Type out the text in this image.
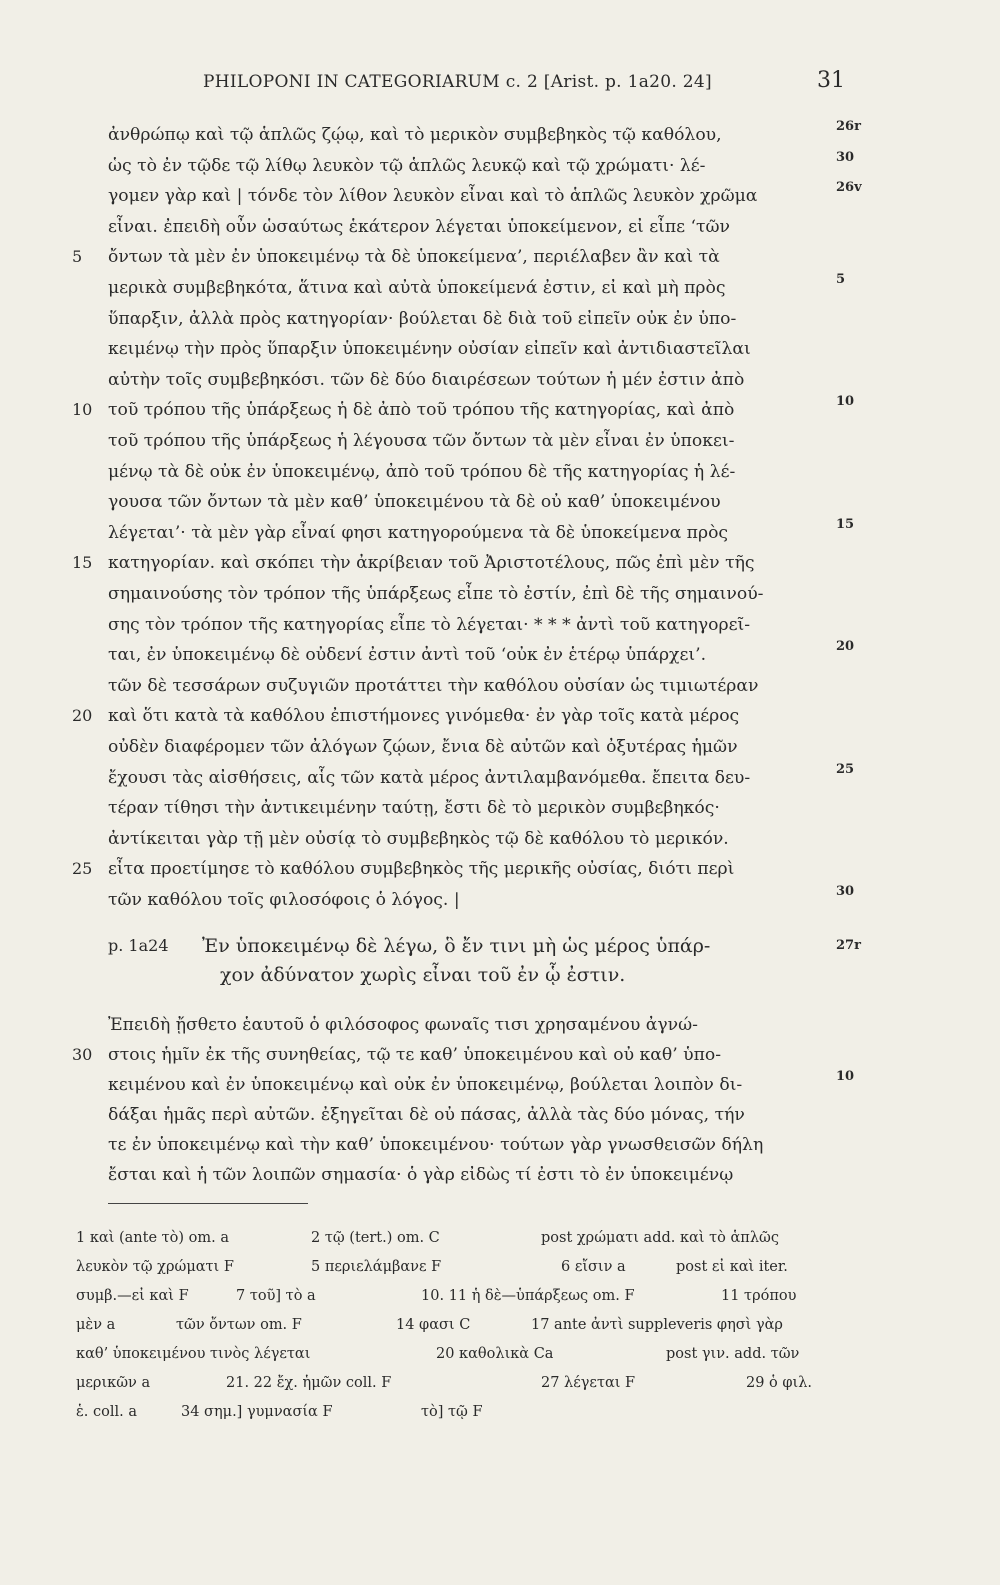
PHILOPONI IN CATEGORIARUM c. 2 [Arist. p. 1a20. 24]	31
ἀνθρώπῳ καὶ τῷ ἁπλῶς ζῴῳ, καὶ τὸ μερικὸν συμβεβηκὸς τῷ καθόλου,	26r
ὡς τὸ ἐν τῷδε τῷ λίθῳ λευκὸν τῷ ἁπλῶς λευκῷ καὶ τῷ χρώματι· λέ-	30
γομεν γὰρ καὶ | τόνδε τὸν λίθον λευκὸν εἶναι καὶ τὸ ἁπλῶς λευκὸν χρῶμα	26v
εἶναι. ἐπειδὴ οὖν ὡσαύτως ἑκάτερον λέγεται ὑποκείμενον, εἰ εἶπε ‘τῶν
ὄντων τὰ μὲν ἐν ὑποκειμένῳ τὰ δὲ ὑποκείμενα’, περιέλαβεν ἂν καὶ τὰ
5
μερικὰ συμβεβηκότα, ἅτινα καὶ αὐτὰ ὑποκείμενά ἐστιν, εἰ καὶ μὴ πρὸς	5
ὕπαρξιν, ἀλλὰ πρὸς κατηγορίαν· βούλεται δὲ διὰ τοῦ εἰπεῖν οὐκ ἐν ὑπο-
κειμένῳ τὴν πρὸς ὕπαρξιν ὑποκειμένην οὐσίαν εἰπεῖν καὶ ἀντιδιαστεῖλαι
αὐτὴν τοῖς συμβεβηκόσι. τῶν δὲ δύο διαιρέσεων τούτων ἡ μέν ἐστιν ἀπὸ
τοῦ τρόπου τῆς ὑπάρξεως ἡ δὲ ἀπὸ τοῦ τρόπου τῆς κατηγορίας, καὶ ἀπὸ
10	10
τοῦ τρόπου τῆς ὑπάρξεως ἡ λέγουσα τῶν ὄντων τὰ μὲν εἶναι ἐν ὑποκει-
μένῳ τὰ δὲ οὐκ ἐν ὑποκειμένῳ, ἀπὸ τοῦ τρόπου δὲ τῆς κατηγορίας ἡ λέ-
γουσα τῶν ὄντων τὰ μὲν καθ’ ὑποκειμένου τὰ δὲ οὐ καθ’ ὑποκειμένου
λέγεται’· τὰ μὲν γὰρ εἶναί φησι κατηγορούμενα τὰ δὲ ὑποκείμενα πρὸς	15
κατηγορίαν. καὶ σκόπει τὴν ἀκρίβειαν τοῦ Ἀριστοτέλους, πῶς ἐπὶ μὲν τῆς
15
σημαινούσης τὸν τρόπον τῆς ὑπάρξεως εἶπε τὸ ἐστίν, ἐπὶ δὲ τῆς σημαινού-
σης τὸν τρόπον τῆς κατηγορίας εἶπε τὸ λέγεται· * * * ἀντὶ τοῦ κατηγορεῖ-
ται, ἐν ὑποκειμένῳ δὲ οὐδενί ἐστιν ἀντὶ τοῦ ‘οὐκ ἐν ἑτέρῳ ὑπάρχει’.	20
τῶν δὲ τεσσάρων συζυγιῶν προτάττει τὴν καθόλου οὐσίαν ὡς τιμιωτέραν
καὶ ὅτι κατὰ τὰ καθόλου ἐπιστήμονες γινόμεθα· ἐν γὰρ τοῖς κατὰ μέρος
20
οὐδὲν διαφέρομεν τῶν ἀλόγων ζῴων, ἔνια δὲ αὐτῶν καὶ ὀξυτέρας ἡμῶν
ἔχουσι τὰς αἰσθήσεις, αἷς τῶν κατὰ μέρος ἀντιλαμβανόμεθα. ἔπειτα δευ-	25
τέραν τίθησι τὴν ἀντικειμένην ταύτῃ, ἔστι δὲ τὸ μερικὸν συμβεβηκός·
ἀντίκειται γὰρ τῇ μὲν οὐσίᾳ τὸ συμβεβηκὸς τῷ δὲ καθόλου τὸ μερικόν.
εἶτα προετίμησε τὸ καθόλου συμβεβηκὸς τῆς μερικῆς οὐσίας, διότι περὶ
25
τῶν καθόλου τοῖς φιλοσόφοις ὁ λόγος. |	30
p. 1a24 Ἐν ὑποκειμένῳ δὲ λέγω, ὃ ἔν τινι μὴ ὡς μέρος ὑπάρ-
χον ἀδύνατον χωρὶς εἶναι τοῦ ἐν ᾧ ἐστιν.
27r
Ἐπειδὴ ᾔσθετο ἑαυτοῦ ὁ φιλόσοφος φωναῖς τισι χρησαμένου ἀγνώ-
στοις ἡμῖν ἐκ τῆς συνηθείας, τῷ τε καθ’ ὑποκειμένου καὶ οὐ καθ’ ὑπο-
30
κειμένου καὶ ἐν ὑποκειμένῳ καὶ οὐκ ἐν ὑποκειμένῳ, βούλεται λοιπὸν δι-	10
δάξαι ἡμᾶς περὶ αὐτῶν. ἐξηγεῖται δὲ οὐ πάσας, ἀλλὰ τὰς δύο μόνας, τήν
τε ἐν ὑποκειμένῳ καὶ τὴν καθ’ ὑποκειμένου· τούτων γὰρ γνωσθεισῶν δήλη
ἔσται καὶ ἡ τῶν λοιπῶν σημασία· ὁ γὰρ εἰδὼς τί ἐστι τὸ ἐν ὑποκειμένῳ
1 καὶ (ante τὸ) om. a	2 τῷ (tert.) om. C	post χρώματι add. καὶ τὸ ἁπλῶς
λευκὸν τῷ χρώματι F	5 περιελάμβανε F	6 εἴσιν a	post εἰ καὶ iter.
συμβ.—εἰ καὶ F	7 τοῦ] τὸ a	10. 11 ἡ δὲ—ὑπάρξεως om. F	11 τρόπου
μὲν a	τῶν ὄντων om. F	14 φασι C	17 ante ἀντὶ suppleveris φησὶ γὰρ
καθ’ ὑποκειμένου τινὸς λέγεται	20 καθολικὰ Ca	post γιν. add. τῶν
μερικῶν a	21. 22 ἔχ. ἡμῶν coll. F	27 λέγεται F	29 ὁ φιλ.
ἑ. coll. a	34 σημ.] γυμνασία F	τὸ] τῷ F
